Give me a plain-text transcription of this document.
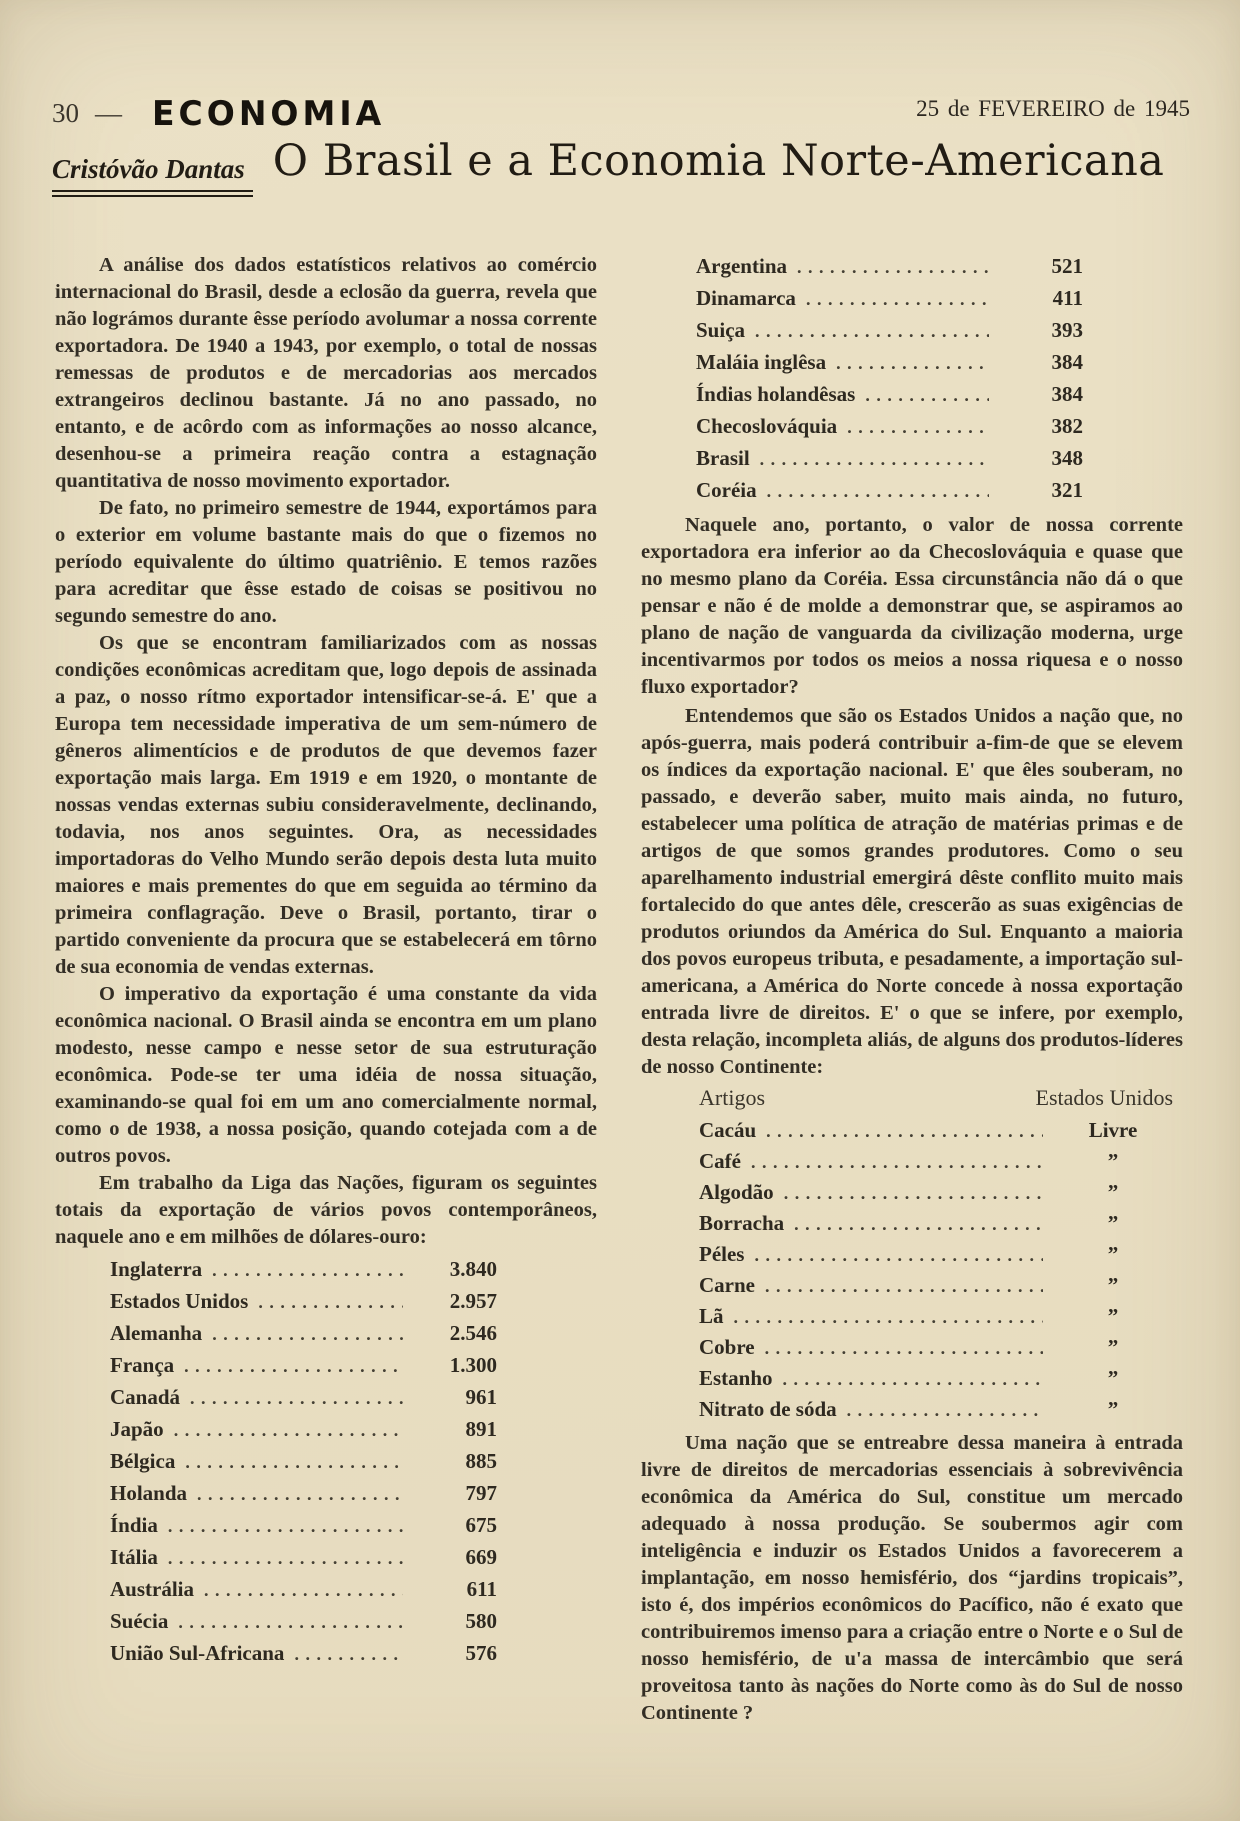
30 — ECONOMIA	25 de FEVEREIRO de 1945
Cristóvão Dantas O Brasil e a Economia Norte-Americana

A análise dos dados estatísticos relativos ao comércio internacional do Brasil, desde a eclosão da guerra, revela que não lográmos durante êsse período avolumar a nossa corrente exportadora. De 1940 a 1943, por exemplo, o total de nossas remessas de produtos e de mercadorias aos mercados extrangeiros declinou bastante. Já no ano passado, no entanto, e de acôrdo com as informações ao nosso alcance, desenhou-se a primeira reação contra a estagnação quantitativa de nosso movimento exportador.

De fato, no primeiro semestre de 1944, exportámos para o exterior em volume bastante mais do que o fizemos no período equivalente do último quatriênio. E temos razões para acreditar que êsse estado de coisas se positivou no segundo semestre do ano.

Os que se encontram familiarizados com as nossas condições econômicas acreditam que, logo depois de assinada a paz, o nosso rítmo exportador intensificar-se-á. E' que a Europa tem necessidade imperativa de um sem-número de gêneros alimentícios e de produtos de que devemos fazer exportação mais larga. Em 1919 e em 1920, o montante de nossas vendas externas subiu consideravelmente, declinando, todavia, nos anos seguintes. Ora, as necessidades importadoras do Velho Mundo serão depois desta luta muito maiores e mais prementes do que em seguida ao término da primeira conflagração. Deve o Brasil, portanto, tirar o partido conveniente da procura que se estabelecerá em tôrno de sua economia de vendas externas.

O imperativo da exportação é uma constante da vida econômica nacional. O Brasil ainda se encontra em um plano modesto, nesse campo e nesse setor de sua estruturação econômica. Pode-se ter uma idéia de nossa situação, examinando-se qual foi em um ano comercialmente normal, como o de 1938, a nossa posição, quando cotejada com a de outros povos.

Em trabalho da Liga das Nações, figuram os seguintes totais da exportação de vários povos contemporâneos, naquele ano e em milhões de dólares-ouro:

Inglaterra . . .	3.840
Estados Unidos . . .	2.957
Alemanha . . .	2.546
França . . .	1.300
Canadá . . .	961
Japão . . .	891
Bélgica . . .	885
Holanda . . .	797
Índia . . .	675
Itália . . .	669
Austrália . . .	611
Suécia . . .	580
União Sul-Africana . . .	576
Argentina . . .	521
Dinamarca . . .	411
Suiça . . .	393
Maláia inglêsa . . .	384
Índias holandêsas . . .	384
Checoslováquia . . .	382
Brasil . . .	348
Coréia . . .	321

Naquele ano, portanto, o valor de nossa corrente exportadora era inferior ao da Checoslováquia e quase que no mesmo plano da Coréia. Essa circunstância não dá o que pensar e não é de molde a demonstrar que, se aspiramos ao plano de nação de vanguarda da civilização moderna, urge incentivarmos por todos os meios a nossa riquesa e o nosso fluxo exportador?

Entendemos que são os Estados Unidos a nação que, no após-guerra, mais poderá contribuir a-fim-de que se elevem os índices da exportação nacional. E' que êles souberam, no passado, e deverão saber, muito mais ainda, no futuro, estabelecer uma política de atração de matérias primas e de artigos de que somos grandes produtores. Como o seu aparelhamento industrial emergirá dêste conflito muito mais fortalecido do que antes dêle, crescerão as suas exigências de produtos oriundos da América do Sul. Enquanto a maioria dos povos europeus tributa, e pesadamente, a importação sul-americana, a América do Norte concede à nossa exportação entrada livre de direitos. E' o que se infere, por exemplo, desta relação, incompleta aliás, de alguns dos produtos-líderes de nosso Continente:

Artigos	Estados Unidos
Cacáu . . .	Livre
Café . . .	”
Algodão . . .	”
Borracha . . .	”
Péles . . .	”
Carne . . .	”
Lã . . .	”
Cobre . . .	”
Estanho . . .	”
Nitrato de sóda . . .	”

Uma nação que se entreabre dessa maneira à entrada livre de direitos de mercadorias essenciais à sobrevivência econômica da América do Sul, constitue um mercado adequado à nossa produção. Se soubermos agir com inteligência e induzir os Estados Unidos a favorecerem a implantação, em nosso hemisfério, dos “jardins tropicais”, isto é, dos impérios econômicos do Pacífico, não é exato que contribuiremos imenso para a criação entre o Norte e o Sul de nosso hemisfério, de u'a massa de intercâmbio que será proveitosa tanto às nações do Norte como às do Sul de nosso Continente ?
